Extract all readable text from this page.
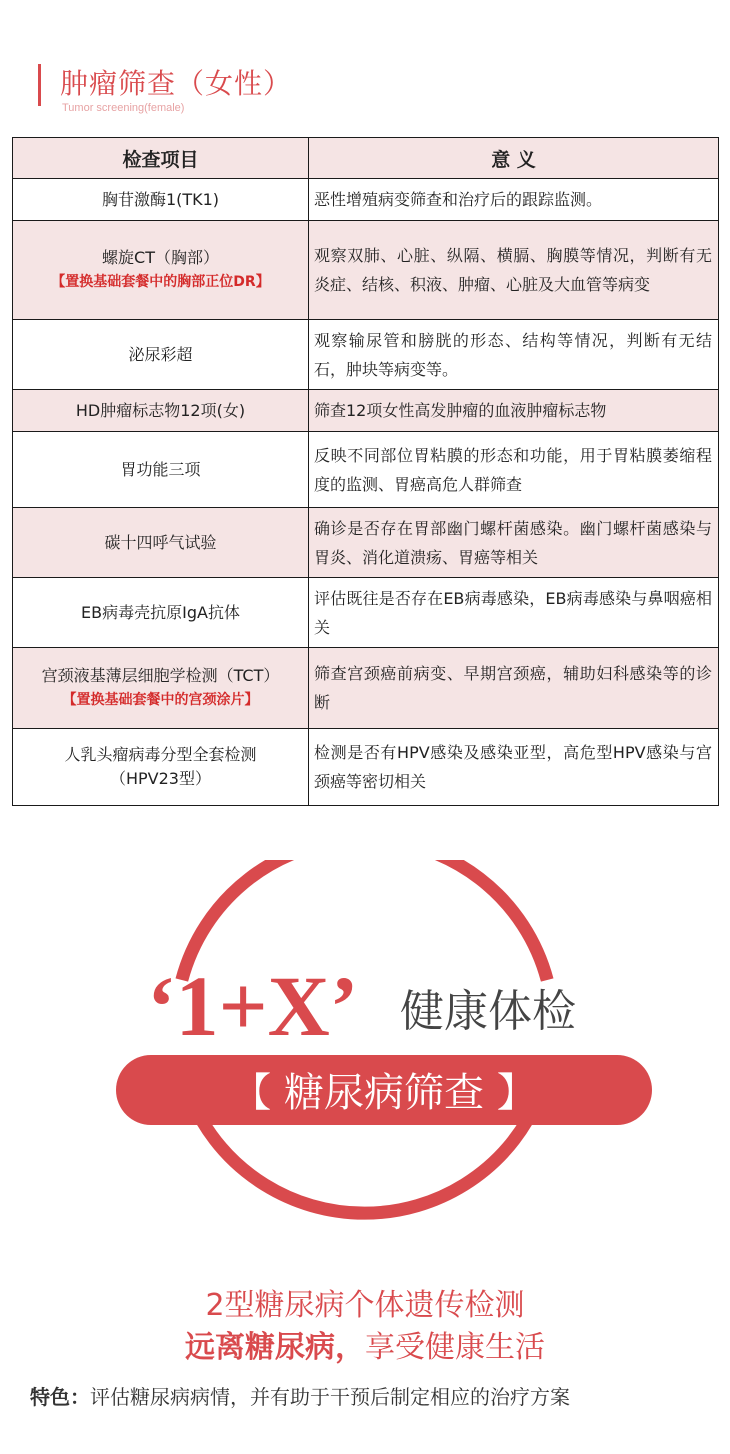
肿瘤筛查（女性）
Tumor screening(female)
检查项目	意 义
胸苷激酶1(TK1)	恶性增殖病变筛查和治疗后的跟踪监测。
螺旋CT（胸部）
【置换基础套餐中的胸部正位DR】	观察双肺、心脏、纵隔、横膈、胸膜等情况，判断有无炎症、结核、积液、肿瘤、心脏及大血管等病变
泌尿彩超	观察输尿管和膀胱的形态、结构等情况，判断有无结石，肿块等病变等。
HD肿瘤标志物12项(女)	筛查12项女性高发肿瘤的血液肿瘤标志物
胃功能三项	反映不同部位胃粘膜的形态和功能，用于胃粘膜萎缩程度的监测、胃癌高危人群筛查
碳十四呼气试验	确诊是否存在胃部幽门螺杆菌感染。幽门螺杆菌感染与胃炎、消化道溃疡、胃癌等相关
EB病毒壳抗原IgA抗体	评估既往是否存在EB病毒感染，EB病毒感染与鼻咽癌相关
宫颈液基薄层细胞学检测（TCT）
【置换基础套餐中的宫颈涂片】	筛查宫颈癌前病变、早期宫颈癌，辅助妇科感染等的诊断
人乳头瘤病毒分型全套检测
（HPV23型）	检测是否有HPV感染及感染亚型，高危型HPV感染与宫颈癌等密切相关
‘1+X’ 健康体检
【 糖尿病筛查 】
2型糖尿病个体遗传检测
远离糖尿病，享受健康生活
特色：评估糖尿病病情，并有助于干预后制定相应的治疗方案
